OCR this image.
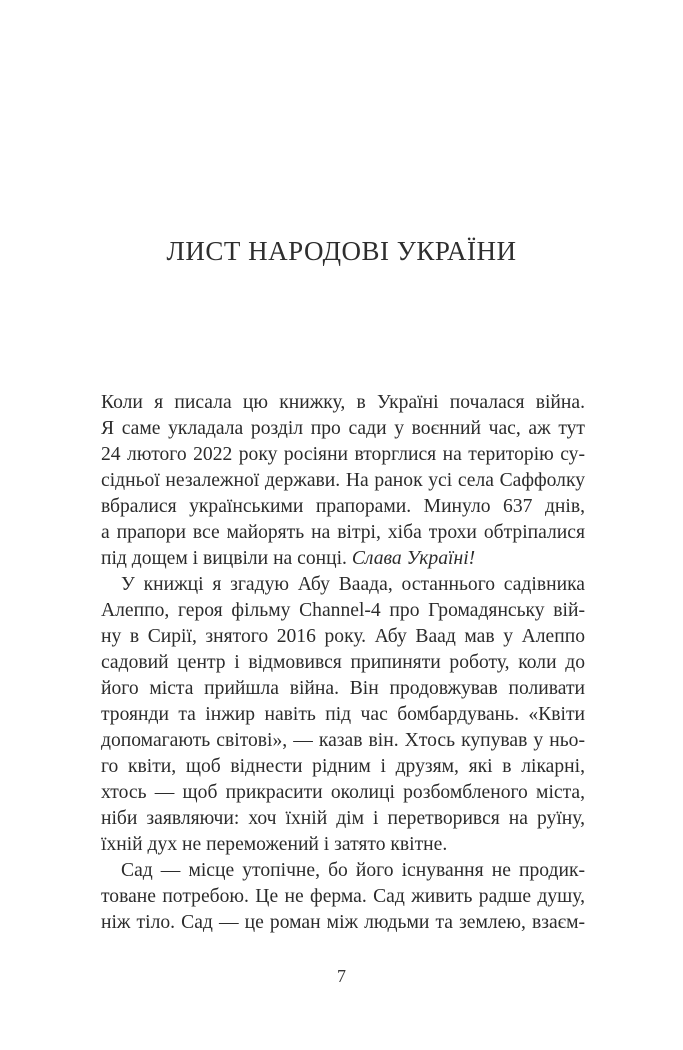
ЛИСТ НАРОДОВІ УКРАЇНИ
Коли я писала цю книжку, в Україні почалася війна.
Я саме укладала розділ про сади у воєнний час, аж тут
24 лютого 2022 року росіяни вторглися на територію су-
сідньої незалежної держави. На ранок усі села Саффолку
вбралися українськими прапорами. Минуло 637 днів,
а прапори все майорять на вітрі, хіба трохи обтріпалися
під дощем і вицвіли на сонці. Слава Україні!
У книжці я згадую Абу Ваада, останнього садівника
Алеппо, героя фільму Channel-4 про Громадянську вій-
ну в Сирії, знятого 2016 року. Абу Ваад мав у Алеппо
садовий центр і відмовився припиняти роботу, коли до
його міста прийшла війна. Він продовжував поливати
троянди та інжир навіть під час бомбардувань. «Квіти
допомагають світові», — казав він. Хтось купував у ньо-
го квіти, щоб віднести рідним і друзям, які в лікарні,
хтось — щоб прикрасити околиці розбомбленого міста,
ніби заявляючи: хоч їхній дім і перетворився на руїну,
їхній дух не переможений і затято квітне.
Сад — місце утопічне, бо його існування не продик-
товане потребою. Це не ферма. Сад живить радше душу,
ніж тіло. Сад — це роман між людьми та землею, взаєм-
7
